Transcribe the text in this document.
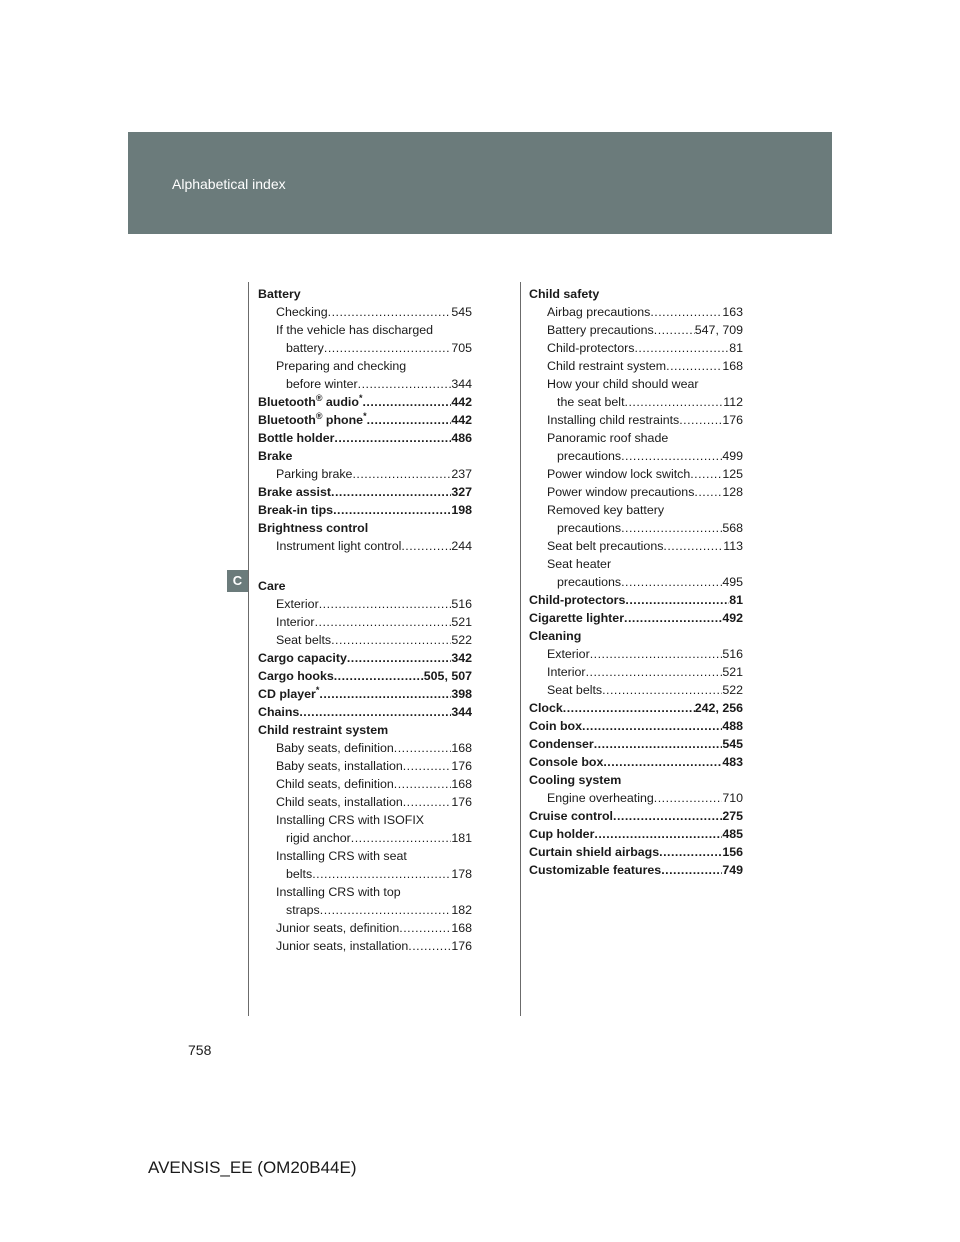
Alphabetical index
C
Battery
Checking .....	545
If the vehicle has discharged
battery .....	705
Preparing and checking
before winter .....	344
Bluetooth® audio* .....	442
Bluetooth® phone* .....	442
Bottle holder .....	486
Brake
Parking brake .....	237
Brake assist .....	327
Break-in tips .....	198
Brightness control
Instrument light control .....	244
Care
Exterior .....	516
Interior .....	521
Seat belts .....	522
Cargo capacity .....	342
Cargo hooks .....	505, 507
CD player* .....	398
Chains .....	344
Child restraint system
Baby seats, definition .....	168
Baby seats, installation .....	176
Child seats, definition .....	168
Child seats, installation .....	176
Installing CRS with ISOFIX
rigid anchor .....	181
Installing CRS with seat
belts .....	178
Installing CRS with top
straps .....	182
Junior seats, definition .....	168
Junior seats, installation .....	176
Child safety
Airbag precautions .....	163
Battery precautions .....	547, 709
Child-protectors .....	81
Child restraint system .....	168
How your child should wear
the seat belt .....	112
Installing child restraints .....	176
Panoramic roof shade
precautions .....	499
Power window lock switch .....	125
Power window precautions ..... 128
Removed key battery
precautions .....	568
Seat belt precautions .....	113
Seat heater
precautions .....	495
Child-protectors .....	81
Cigarette lighter .....	492
Cleaning
Exterior .....	516
Interior .....	521
Seat belts .....	522
Clock .....	242, 256
Coin box .....	488
Condenser .....	545
Console box .....	483
Cooling system
Engine overheating .....	710
Cruise control .....	275
Cup holder .....	485
Curtain shield airbags .....	156
Customizable features .....	749
758
AVENSIS_EE (OM20B44E)
